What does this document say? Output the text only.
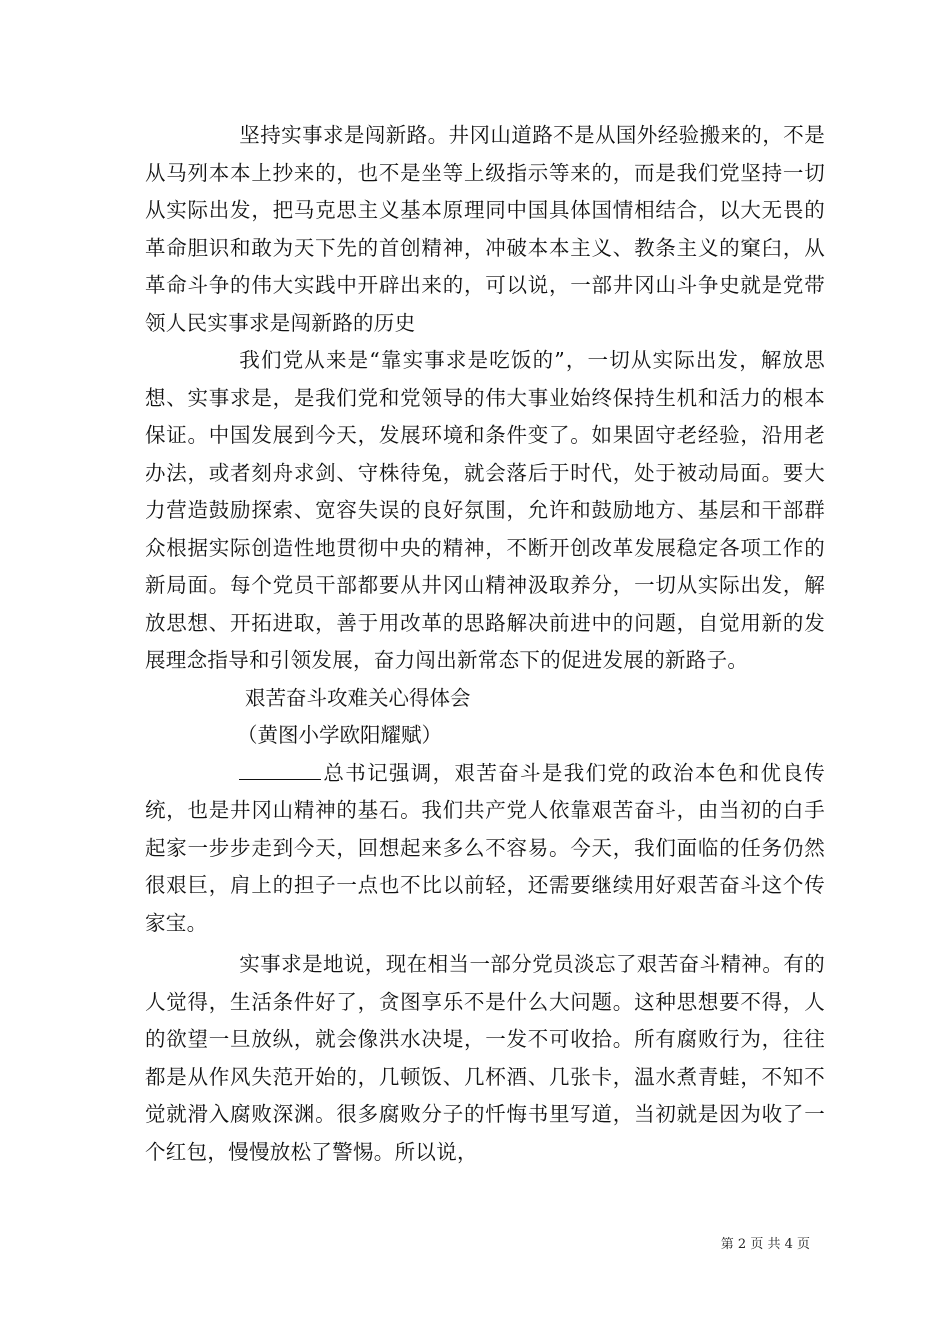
坚持实事求是闯新路。井冈山道路不是从国外经验搬来的，不是从马列本本上抄来的，也不是坐等上级指示等来的，而是我们党坚持一切从实际出发，把马克思主义基本原理同中国具体国情相结合，以大无畏的革命胆识和敢为天下先的首创精神，冲破本本主义、教条主义的窠臼，从革命斗争的伟大实践中开辟出来的，可以说，一部井冈山斗争史就是党带领人民实事求是闯新路的历史

我们党从来是“靠实事求是吃饭的”，一切从实际出发，解放思想、实事求是，是我们党和党领导的伟大事业始终保持生机和活力的根本保证。中国发展到今天，发展环境和条件变了。如果固守老经验，沿用老办法，或者刻舟求剑、守株待兔，就会落后于时代，处于被动局面。要大力营造鼓励探索、宽容失误的良好氛围，允许和鼓励地方、基层和干部群众根据实际创造性地贯彻中央的精神，不断开创改革发展稳定各项工作的新局面。每个党员干部都要从井冈山精神汲取养分，一切从实际出发，解放思想、开拓进取，善于用改革的思路解决前进中的问题，自觉用新的发展理念指导和引领发展，奋力闯出新常态下的促进发展的新路子。

艰苦奋斗攻难关心得体会

（黄图小学欧阳耀赋）

总书记强调，艰苦奋斗是我们党的政治本色和优良传统，也是井冈山精神的基石。我们共产党人依靠艰苦奋斗，由当初的白手起家一步步走到今天，回想起来多么不容易。今天，我们面临的任务仍然很艰巨，肩上的担子一点也不比以前轻，还需要继续用好艰苦奋斗这个传家宝。

实事求是地说，现在相当一部分党员淡忘了艰苦奋斗精神。有的人觉得，生活条件好了，贪图享乐不是什么大问题。这种思想要不得，人的欲望一旦放纵，就会像洪水决堤，一发不可收拾。所有腐败行为，往往都是从作风失范开始的，几顿饭、几杯酒、几张卡，温水煮青蛙，不知不觉就滑入腐败深渊。很多腐败分子的忏悔书里写道，当初就是因为收了一个红包，慢慢放松了警惕。所以说，

第 2 页 共 4 页
